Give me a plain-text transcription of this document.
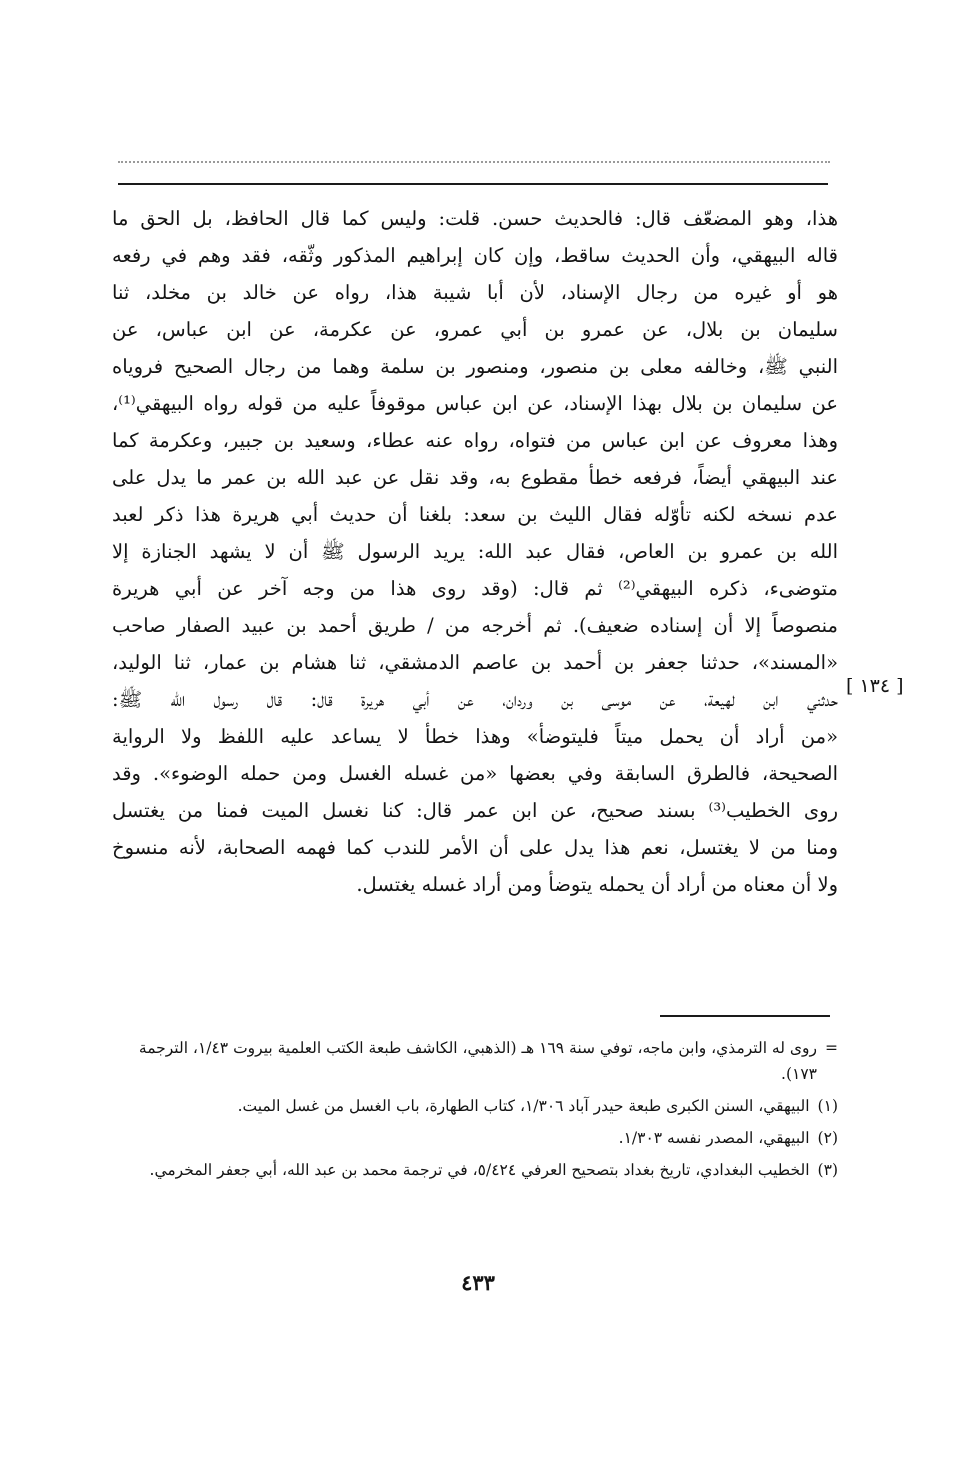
هذا، وهو المضعّف قال: فالحديث حسن. قلت: وليس كما قال الحافظ، بل الحق ما
قاله البيهقي، وأن الحديث ساقط، وإن كان إبراهيم المذكور وثّقه، فقد وهم في رفعه
هو أو غيره من رجال الإسناد، لأن أبا شيبة هذا، رواه عن خالد بن مخلد، ثنا
سليمان بن بلال، عن عمرو بن أبي عمرو، عن عكرمة، عن ابن عباس، عن
النبي ﷺ، وخالفه معلى بن منصور، ومنصور بن سلمة وهما من رجال الصحيح فروياه
عن سليمان بن بلال بهذا الإسناد، عن ابن عباس موقوفاً عليه من قوله رواه البيهقي⁽¹⁾،
وهذا معروف عن ابن عباس من فتواه، رواه عنه عطاء، وسعيد بن جبير، وعكرمة كما
عند البيهقي أيضاً، فرفعه خطأ مقطوع به، وقد نقل عن عبد الله بن عمر ما يدل على
عدم نسخه لكنه تأوّله فقال الليث بن سعد: بلغنا أن حديث أبي هريرة هذا ذكر لعبد
الله بن عمرو بن العاص، فقال عبد الله: يريد الرسول ﷺ أن لا يشهد الجنازة إلا
متوضىء، ذكره البيهقي⁽²⁾ ثم قال: (وقد روى هذا من وجه آخر عن أبي هريرة
منصوصاً إلا أن إسناده ضعيف). ثم أخرجه من / طريق أحمد بن عبيد الصفار صاحب
«المسند»، حدثنا جعفر بن أحمد بن عاصم الدمشقي، ثنا هشام بن عمار، ثنا الوليد،
حدثني ابن لهيعة، عن موسى بن وردان، عن أبي هريرة قال: قال رسول الله ﷺ:
«من أراد أن يحمل ميتاً فليتوضأ» وهذا خطأ لا يساعد عليه اللفظ ولا الرواية
الصحيحة، فالطرق السابقة وفي بعضها «من غسله الغسل ومن حمله الوضوء». وقد
روى الخطيب⁽³⁾ بسند صحيح، عن ابن عمر قال: كنا نغسل الميت فمنا من يغتسل
ومنا من لا يغتسل، نعم هذا يدل على أن الأمر للندب كما فهمه الصحابة، لأنه منسوخ
ولا أن معناه من أراد أن يحمله يتوضأ ومن أراد غسله يغتسل.
[ ١٣٤ ]
=
روى له الترمذي، وابن ماجه، توفي سنة ١٦٩ هـ (الذهبي، الكاشف طبعة الكتب العلمية بيروت ١/٤٣، الترجمة ١٧٣).
(١)
البيهقي، السنن الكبرى طبعة حيدر آباد ١/٣٠٦، كتاب الطهارة، باب الغسل من غسل الميت.
(٢)
البيهقي، المصدر نفسه ١/٣٠٣.
(٣)
الخطيب البغدادي، تاريخ بغداد بتصحيح العرفي ٥/٤٢٤، في ترجمة محمد بن عبد الله، أبي جعفر المخرمي.
٤٣٣
